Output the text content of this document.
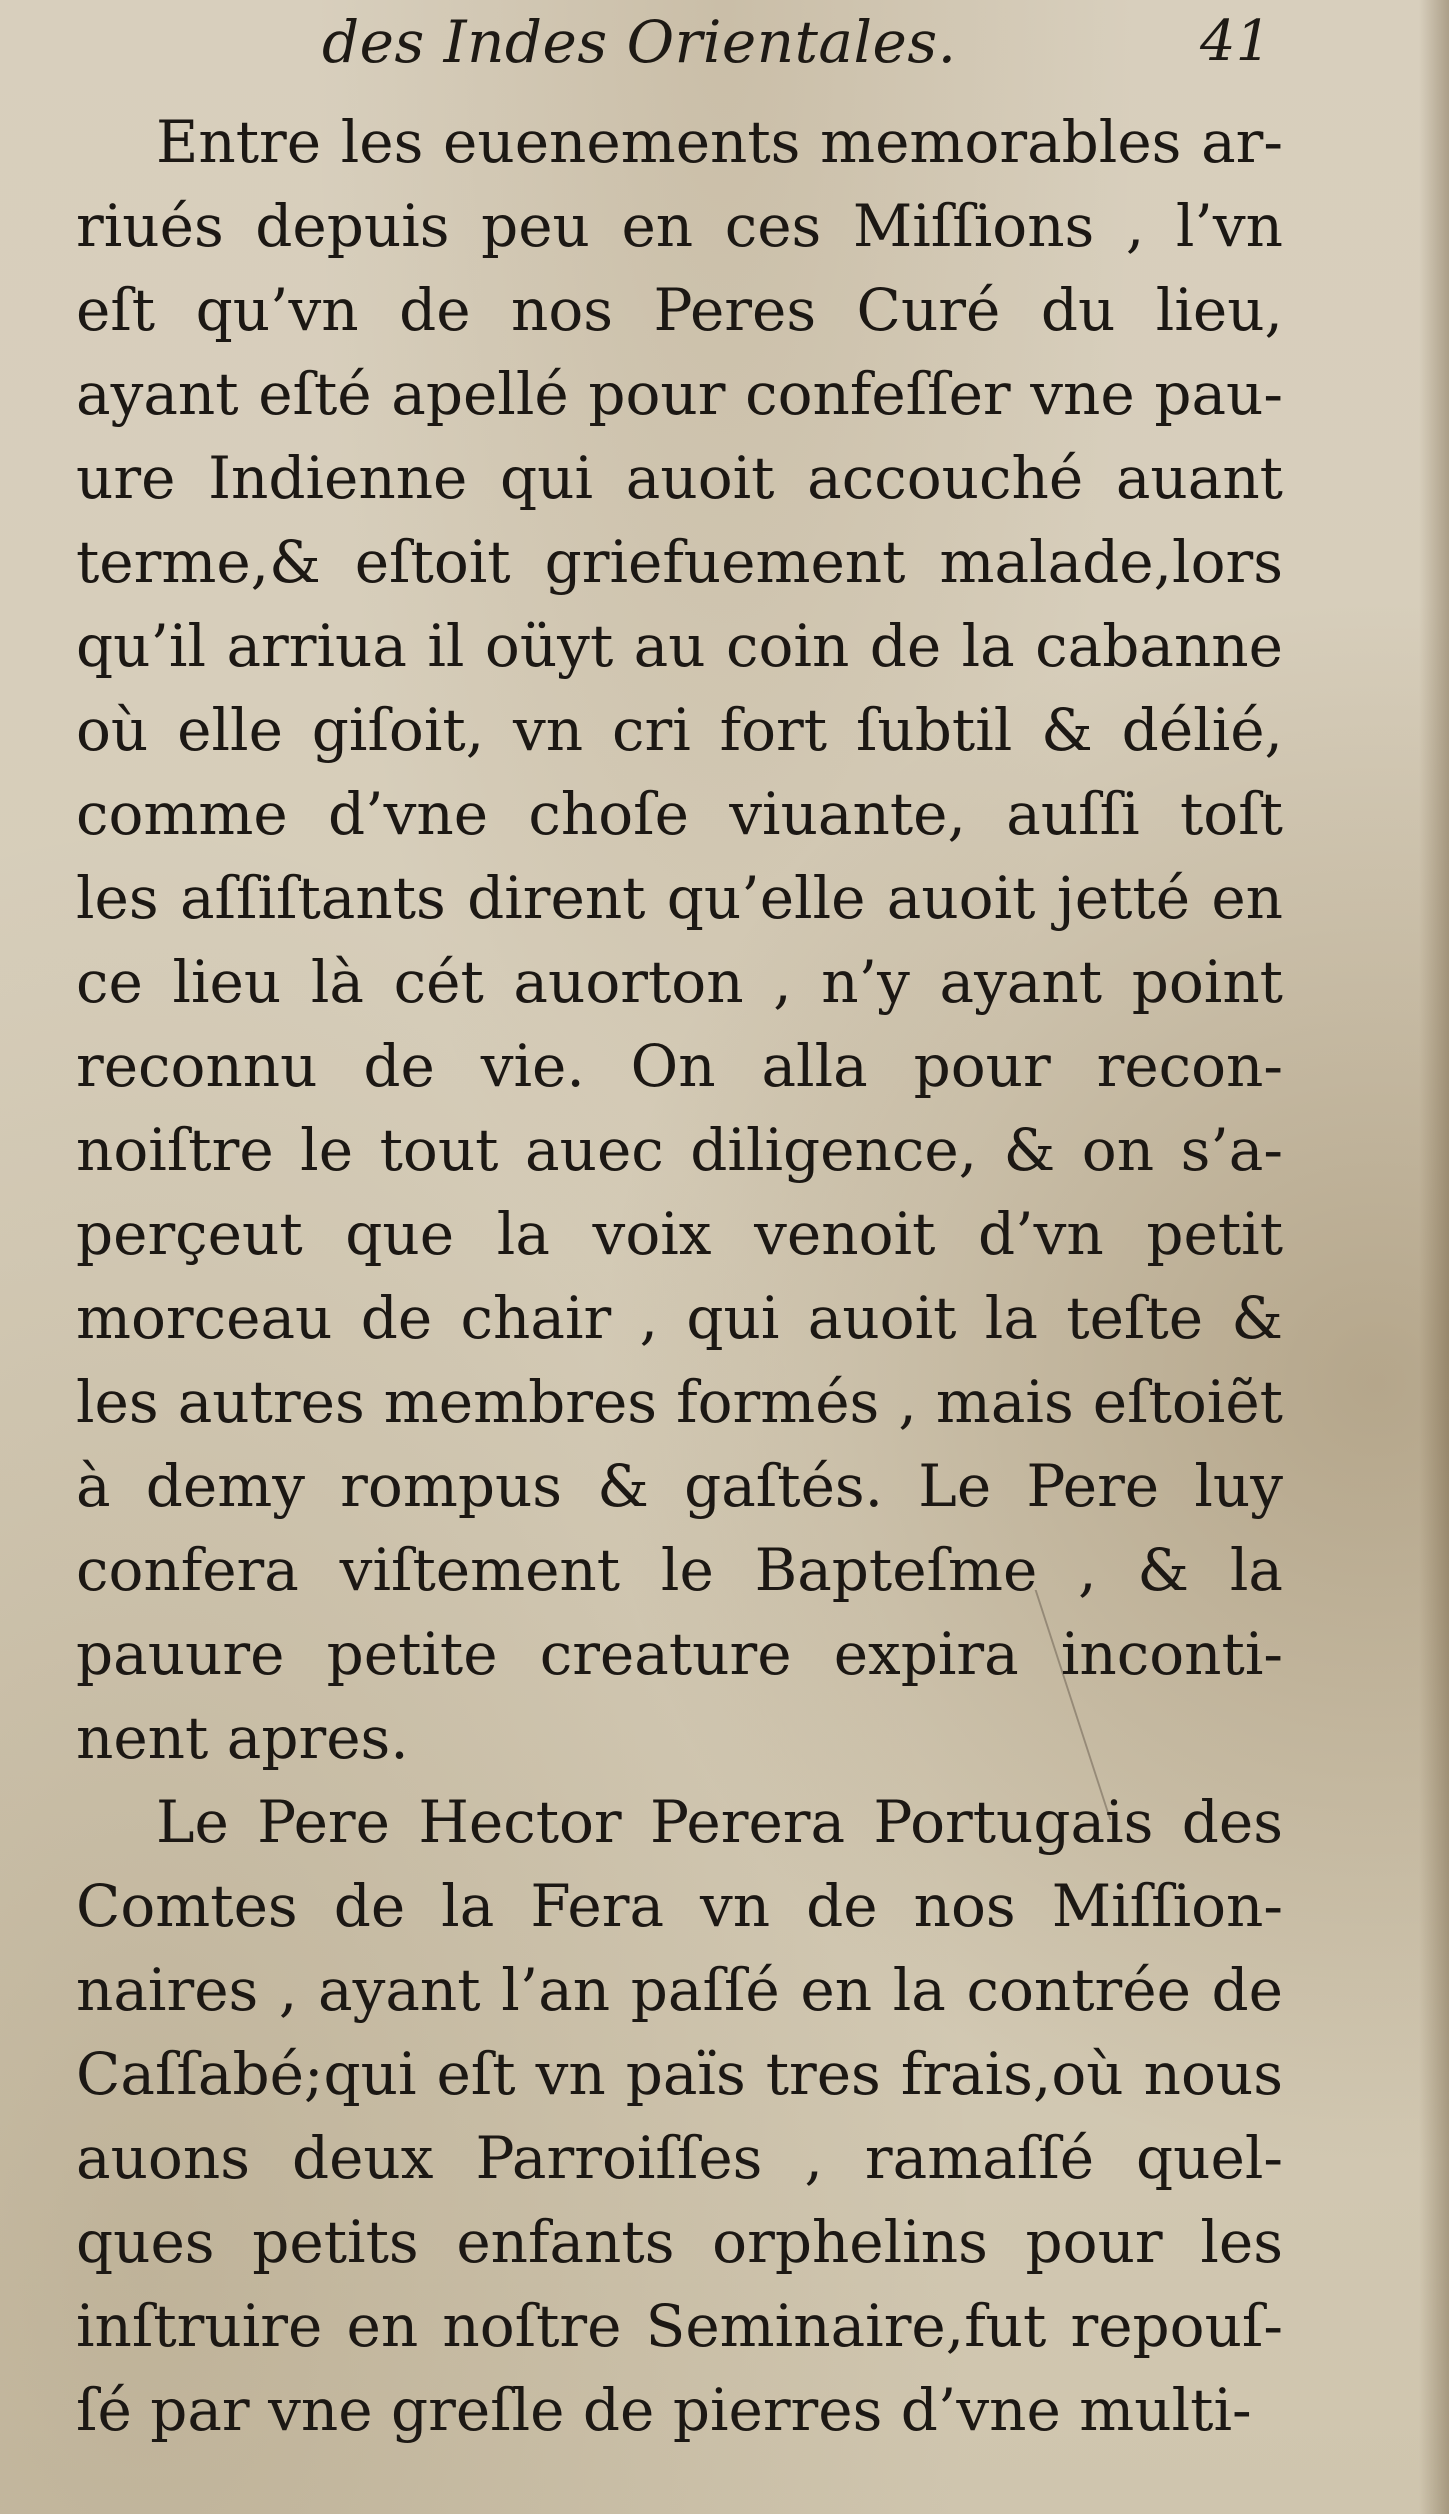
des Indes Orientales.	41
Entre les euenements memorables ar-
riués depuis peu en ces Miſſions , l’vn
eſt qu’vn de nos Peres Curé du lieu,
ayant eſté apellé pour confeſſer vne pau-
ure Indienne qui auoit accouché auant
terme,& eſtoit griefuement malade,lors
qu’il arriua il oüyt au coin de la cabanne
où elle giſoit, vn cri fort ſubtil & délié,
comme d’vne choſe viuante, auſſi toſt
les aſſiſtants dirent qu’elle auoit jetté en
ce lieu là cét auorton , n’y ayant point
reconnu de vie. On alla pour recon-
noiſtre le tout auec diligence, & on s’a-
perçeut que la voix venoit d’vn petit
morceau de chair , qui auoit la teſte &
les autres membres formés , mais eſtoiẽt
à demy rompus & gaſtés. Le Pere luy
confera viſtement le Bapteſme , & la
pauure petite creature expira inconti-
nent apres.
Le Pere Hector Perera Portugais des
Comtes de la Fera vn de nos Miſſion-
naires , ayant l’an paſſé en la contrée de
Caſſabé;qui eſt vn païs tres frais,où nous
auons deux Parroiſſes , ramaſſé quel-
ques petits enfants orphelins pour les
inſtruire en noſtre Seminaire,fut repouſ-
ſé par vne greſle de pierres d’vne multi-
